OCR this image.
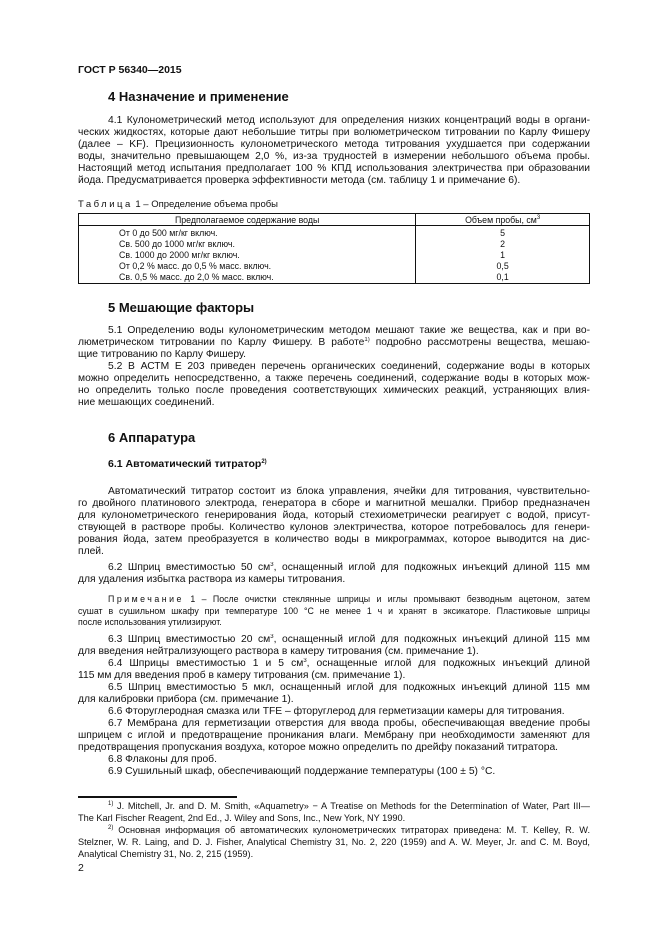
ГОСТ Р 56340—2015
4 Назначение и применение
4.1 Кулонометрический метод используют для определения низких концентраций воды в органи-
ческих жидкостях, которые дают небольшие титры при волюметрическом титровании по Карлу Фишеру
(далее – KF). Прецизионность кулонометрического метода титрования ухудшается при содержании
воды, значительно превышающем 2,0 %, из-за трудностей в измерении небольшого объема пробы.
Настоящий метод испытания предполагает 100 % КПД использования электричества при образовании
йода. Предусматривается проверка эффективности метода (см. таблицу 1 и примечание 6).
Таблица 1 – Определение объема пробы
Предполагаемое содержание воды	Объем пробы, $см^3$
От 0 до 500 мг/кг включ.	5
Св. 500 до 1000 мг/кг включ.	2
Св. 1000 до 2000 мг/кг включ.	1
От 0,2 % масс. до 0,5 % масс. включ.	0,5
Св. 0,5 % масс. до 2,0 % масс. включ.	0,1
5 Мешающие факторы
5.1 Определению воды кулонометрическим методом мешают такие же вещества, как и при во-
люметрическом титровании по Карлу Фишеру. В работе$^{1)}$ подробно рассмотрены вещества, мешаю-
щие титрованию по Карлу Фишеру.
5.2 В АСТМ Е 203 приведен перечень органических соединений, содержание воды в которых
можно определить непосредственно, а также перечень соединений, содержание воды в которых мож-
но определить только после проведения соответствующих химических реакций, устраняющих влия-
ние мешающих соединений.
6 Аппаратура
6.1 Автоматический титратор$^{2)}$
Автоматический титратор состоит из блока управления, ячейки для титрования, чувствительно-
го двойного платинового электрода, генератора в сборе и магнитной мешалки. Прибор предназначен
для кулонометрического генерирования йода, который стехиометрически реагирует с водой, присут-
ствующей в растворе пробы. Количество кулонов электричества, которое потребовалось для генери-
рования йода, затем преобразуется в количество воды в микрограммах, которое выводится на дис-
плей.
6.2 Шприц вместимостью 50 $см^3$, оснащенный иглой для подкожных инъекций длиной 115 мм
для удаления избытка раствора из камеры титрования.
Примечание 1 – После очистки стеклянные шприцы и иглы промывают безводным ацетоном, затем
сушат в сушильном шкафу при температуре 100 °С не менее 1 ч и хранят в эксикаторе. Пластиковые шприцы
после использования утилизируют.
6.3 Шприц вместимостью 20 $см^3$, оснащенный иглой для подкожных инъекций длиной 115 мм
для введения нейтрализующего раствора в камеру титрования (см. примечание 1).
6.4 Шприцы вместимостью 1 и 5 $см^3$, оснащенные иглой для подкожных инъекций длиной
115 мм для введения проб в камеру титрования (см. примечание 1).
6.5 Шприц вместимостью 5 мкл, оснащенный иглой для подкожных инъекций длиной 115 мм
для калибровки прибора (см. примечание 1).
6.6 Фторуглеродная смазка или TFE – фторуглерод для герметизации камеры для титрования.
6.7 Мембрана для герметизации отверстия для ввода пробы, обеспечивающая введение пробы
шприцем с иглой и предотвращение проникания влаги. Мембрану при необходимости заменяют для
предотвращения пропускания воздуха, которое можно определить по дрейфу показаний титратора.
6.8 Флаконы для проб.
6.9 Сушильный шкаф, обеспечивающий поддержание температуры (100 ± 5) °С.
$^{1)}$ J. Mitchell, Jr. and D. M. Smith, «Aquametry» − A Treatise on Methods for the Determination of Water, Part III—
The Karl Fischer Reagent, 2nd Ed., J. Wiley and Sons, Inc., New York, NY 1990.
$^{2)}$ Основная информация об автоматических кулонометрических титраторах приведена: M. T. Kelley, R. W.
Stelzner, W. R. Laing, and D. J. Fisher, Analytical Chemistry 31, No. 2, 220 (1959) and A. W. Meyer, Jr. and C. M. Boyd,
Analytical Chemistry 31, No. 2, 215 (1959).
2
